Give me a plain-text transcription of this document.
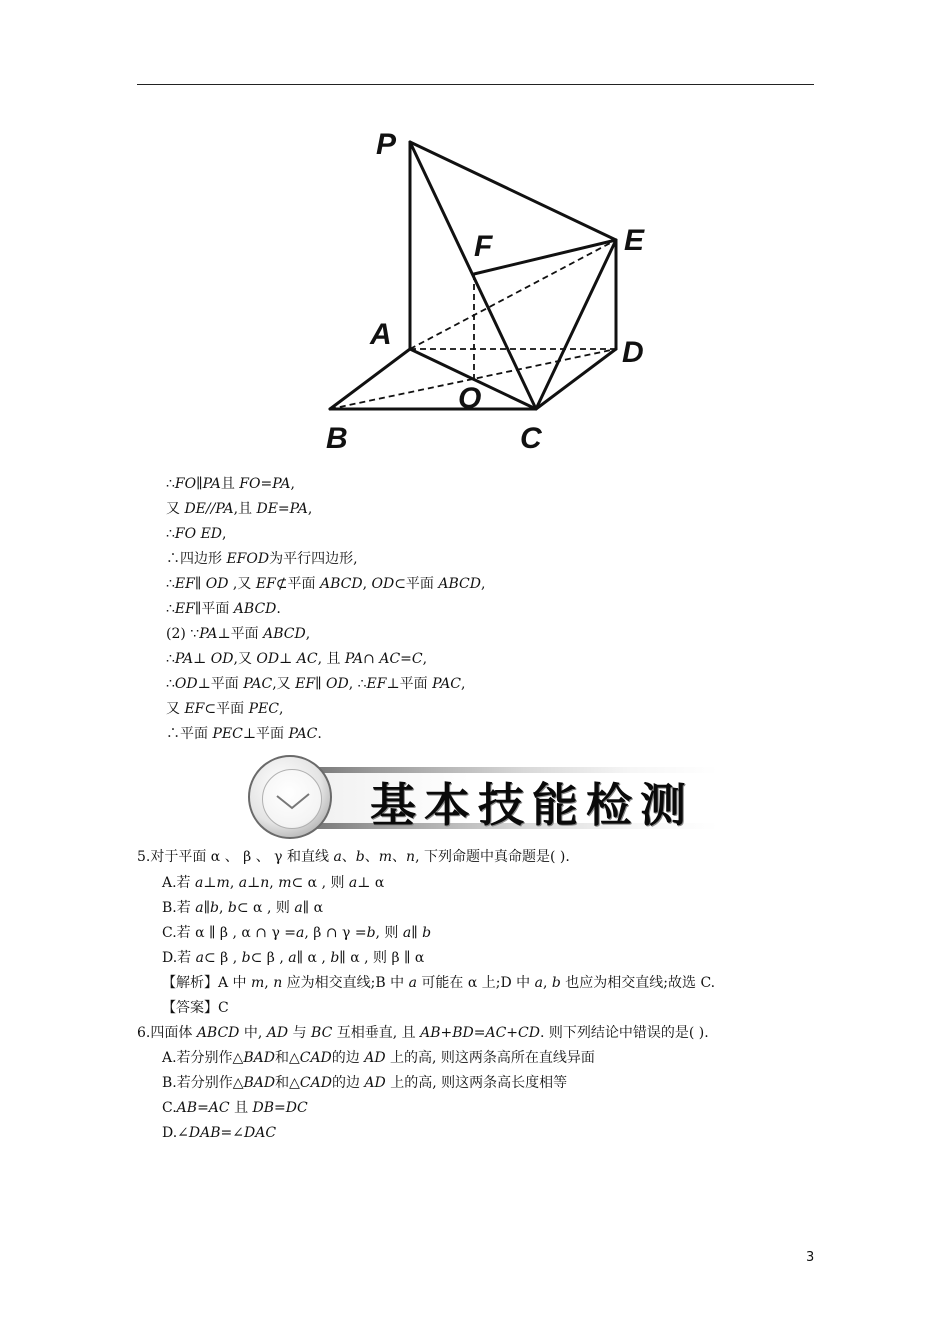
P
E
F
A
D
O
B	C
∴FO∥PA且 FO=PA,
又 DE//PA,且 DE=PA,
∴FO ED,
∴四边形 EFOD为平行四边形,
∴EF∥ OD ,又 EF⊄平面 ABCD, OD⊂平面 ABCD,
∴EF∥平面 ABCD.
(2) ∵PA⊥平面 ABCD,
∴PA⊥ OD,又 OD⊥ AC, 且 PA∩ AC=C,
∴OD⊥平面 PAC,又 EF∥ OD, ∴EF⊥平面 PAC,
又 EF⊂平面 PEC,
∴平面 PEC⊥平面 PAC.
基本技能检测
5.对于平面 α 、 β 、 γ 和直线 a、b、m、n, 下列命题中真命题是( ).
A.若 a⊥m, a⊥n, m⊂ α , 则 a⊥ α
B.若 a∥b, b⊂ α , 则 a∥ α
C.若 α ∥ β , α ∩ γ =a, β ∩ γ =b, 则 a∥ b
D.若 a⊂ β , b⊂ β , a∥ α , b∥ α , 则 β ∥ α
【解析】A 中 m, n 应为相交直线;B 中 a 可能在 α 上;D 中 a, b 也应为相交直线;故选 C.
【答案】C
6.四面体 ABCD 中, AD 与 BC 互相垂直, 且 AB+BD=AC+CD. 则下列结论中错误的是( ).
A.若分别作△BAD和△CAD的边 AD 上的高, 则这两条高所在直线异面
B.若分别作△BAD和△CAD的边 AD 上的高, 则这两条高长度相等
C.AB=AC 且 DB=DC
D.∠DAB=∠DAC
3
